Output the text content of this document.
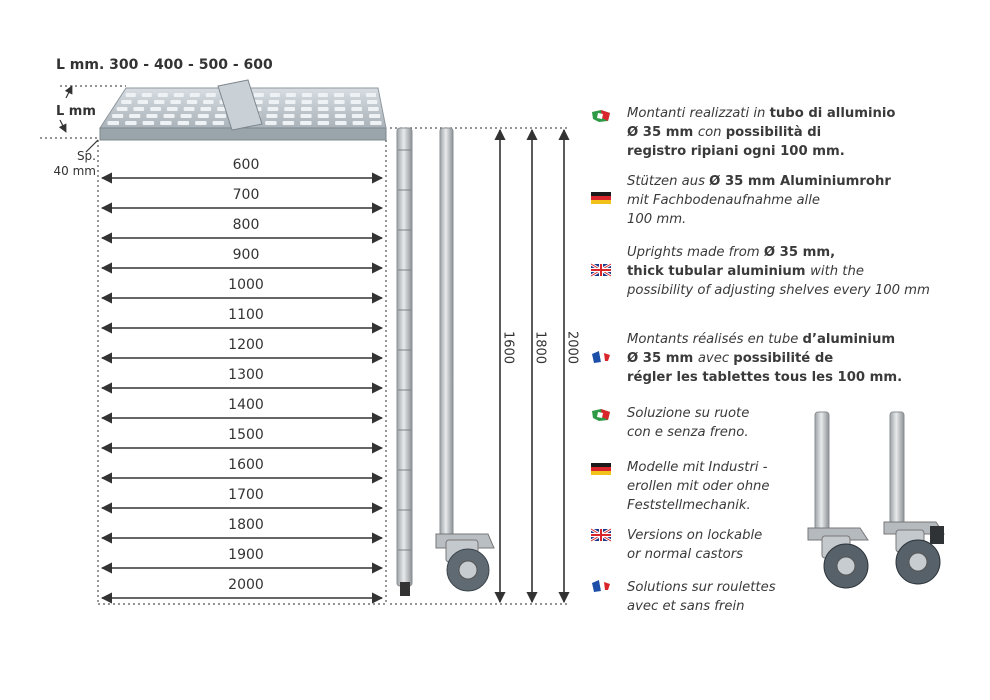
L mm. 300 - 400 - 500 - 600
L mm
Sp.
40 mm	600
700
800
900
1000
1100
1200
1300
1400
1500
1600
1700
1800
1900
2000
1600 1800 2000
Montanti realizzati in tubo di alluminio
Ø 35 mm con possibilità di
registro ripiani ogni 100 mm.
Stützen aus Ø 35 mm Aluminiumrohr
mit Fachbodenaufnahme alle
100 mm.
Uprights made from Ø 35 mm,
thick tubular aluminium with the
possibility of adjusting shelves every 100 mm
Montants réalisés en tube d’aluminium
Ø 35 mm avec possibilité de
régler les tablettes tous les 100 mm.
Soluzione su ruote
con e senza freno.
Modelle mit Industri -
erollen mit oder ohne
Feststellmechanik.
Versions on lockable
or normal castors
Solutions sur roulettes
avec et sans frein
